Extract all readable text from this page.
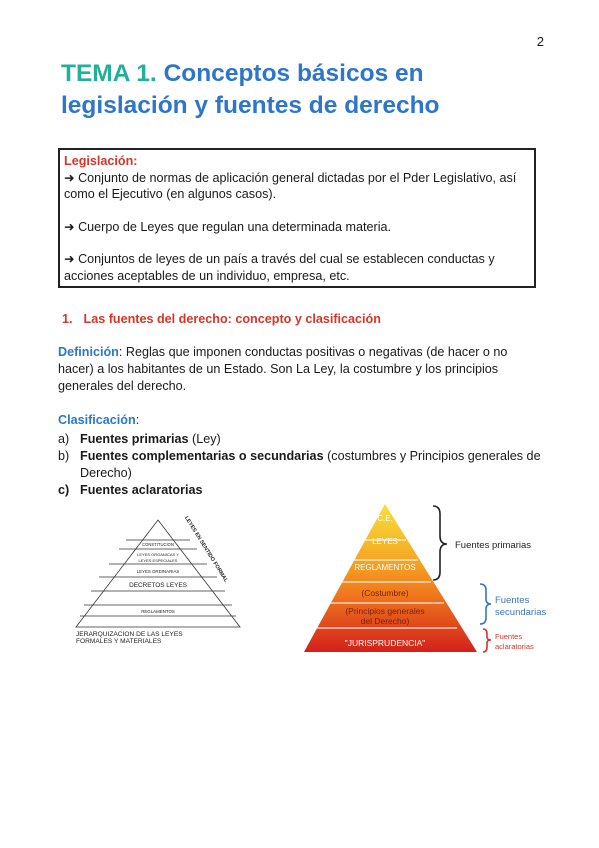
2
TEMA 1. Conceptos básicos en legislación y fuentes de derecho
Legislación:

➜ Conjunto de normas de aplicación general dictadas por el Pder Legislativo, así como el Ejecutivo (en algunos casos).

➜ Cuerpo de Leyes que regulan una determinada materia.

➜ Conjuntos de leyes de un país a través del cual se establecen conductas y acciones aceptables de un individuo, empresa, etc.

1. Las fuentes del derecho: concepto y clasificación

Definición: Reglas que imponen conductas positivas o negativas (de hacer o no hacer) a los habitantes de un Estado. Son La Ley, la costumbre y los principios generales del derecho.

Clasificación:

a) Fuentes primarias (Ley)
b) Fuentes complementarias o secundarias (costumbres y Principios generales de Derecho)
c) Fuentes aclaratorias
CONSTITUCION
LEYES ORGANICAS Y
LEYES ESPECIALES
LEYES ORDINARIAS
DECRETOS LEYES
REGLAMENTOS
LEYES EN SENTIDO FORMAL
JERARQUIZACION DE LAS LEYES
FORMALES Y MATERIALES
C.E.
LEYES
REGLAMENTOS
(Costumbre)
(Principios generales
del Derecho)
"JURISPRUDENCIA"
Fuentes primarias
Fuentes
secundarias
Fuentes
aclaratorias
